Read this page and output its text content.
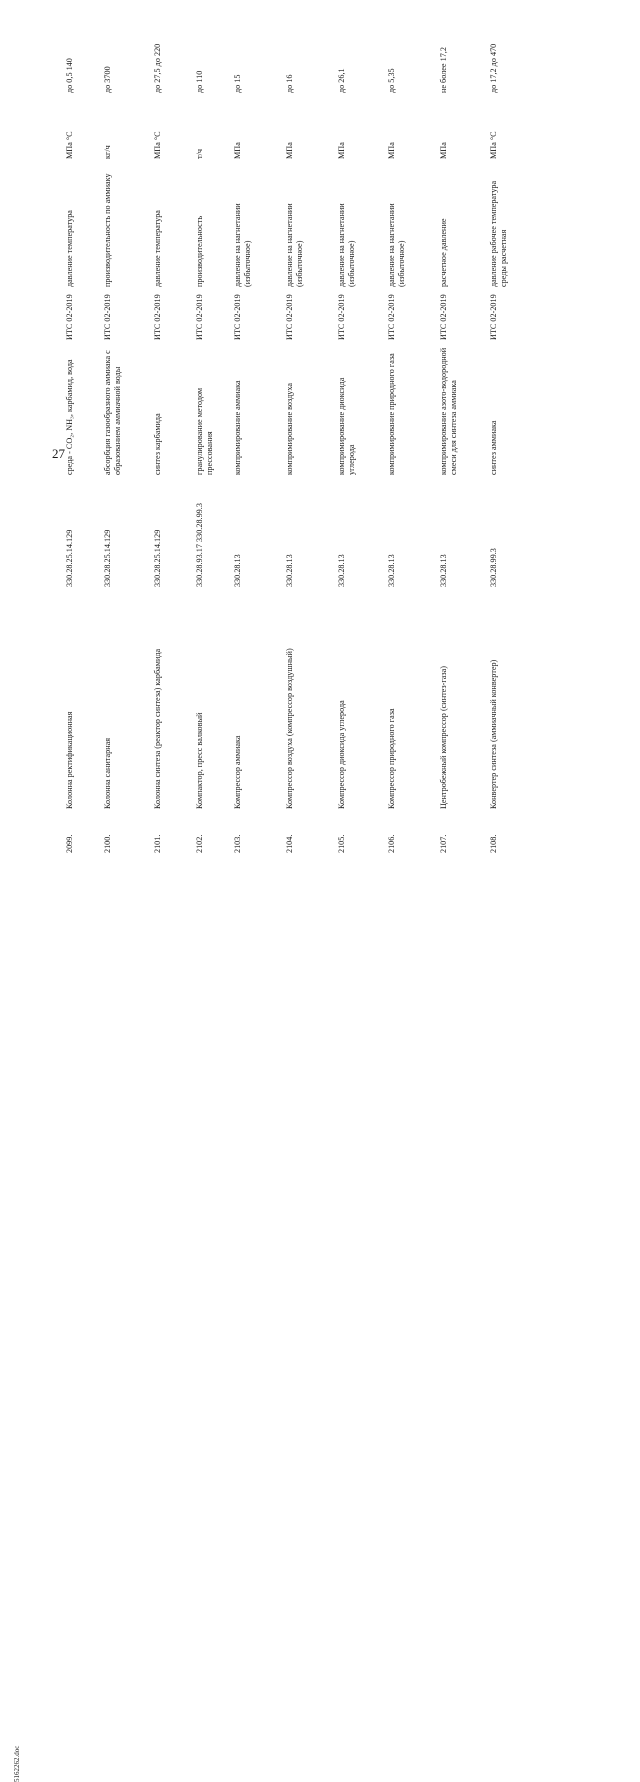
27
2099.
Колонна ректификационная
330.28.25.14.129
среда - CO₂, NH₃, карбамид, вода
ИТС 02-2019
давление температура
МПа °C
до 0,5 140
2100.
Колонна санитарная
330.28.25.14.129
абсорбция газообразного аммиака с образованием аммиачной воды
ИТС 02-2019
производительность по аммиаку
кг/ч
до 3700
2101.
Колонна синтеза (реактор синтеза) карбамида
330.28.25.14.129
синтез карбамида
ИТС 02-2019
давление температура
МПа °C
до 27,5 до 220
2102.
Компактор, пресс валковый
330.28.93.17 330.28.99.3
гранулирование методом прессования
ИТС 02-2019
производительность
т/ч
до 110
2103.
Компрессор аммиака
330.28.13
компримирование аммиака
ИТС 02-2019
давление на нагнетании (избыточное)
МПа
до 15
2104.
Компрессор воздуха (компрессор воздушный)
330.28.13
компримирование воздуха
ИТС 02-2019
давление на нагнетании (избыточное)
МПа
до 16
2105.
Компрессор диоксида углерода
330.28.13
компримирование диоксида углерода
ИТС 02-2019
давление на нагнетании (избыточное)
МПа
до 26,1
2106.
Компрессор природного газа
330.28.13
компримирование природного газа
ИТС 02-2019
давление на нагнетании (избыточное)
МПа
до 5,35
2107.
Центробежный компрессор (синтез-газа)
330.28.13
компримирование азото-водородной смеси для синтеза аммиака
ИТС 02-2019
расчетное давление
МПа
не более 17,2
2108.
Конвертер синтеза (аммиачный конвертер)
330.28.99.3
синтез аммиака
ИТС 02-2019
давление рабочее температура среды расчетная
МПа °C
до 17,2 до 470
5162262.doc
